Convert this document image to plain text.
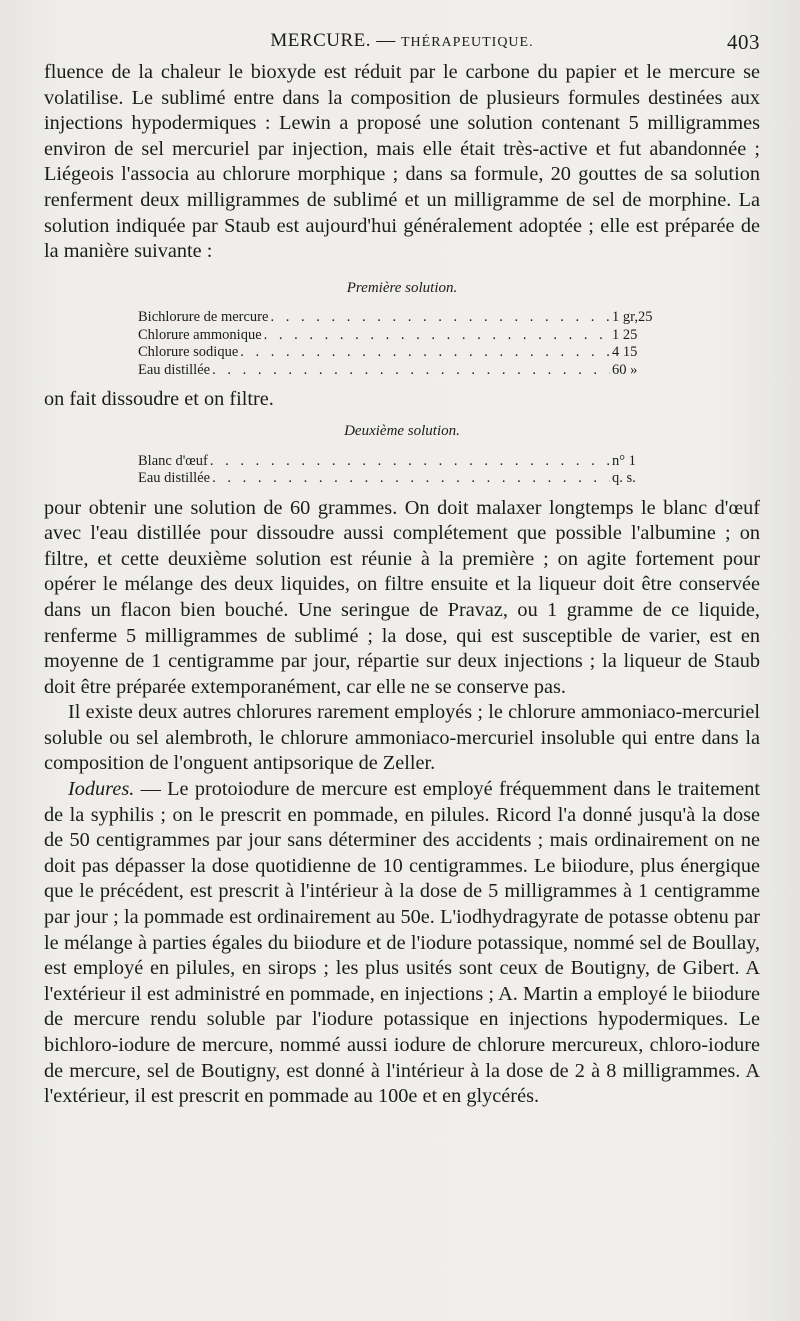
MERCURE. — THÉRAPEUTIQUE.	403

fluence de la chaleur le bioxyde est réduit par le carbone du papier et le mercure se volatilise. Le sublimé entre dans la composition de plusieurs formules destinées aux injections hypodermiques : Lewin a proposé une solution contenant 5 milligrammes environ de sel mercuriel par injection, mais elle était très-active et fut abandonnée ; Liégeois l'associa au chlorure morphique ; dans sa formule, 20 gouttes de sa solution renferment deux milligrammes de sublimé et un milligramme de sel de morphine. La solution indiquée par Staub est aujourd'hui généralement adoptée ; elle est préparée de la manière suivante :

Première solution.
Bichlorure de mercure . . .	1 gr,25
Chlorure ammonique . . .	1 25
Chlorure sodique . . .	4 15
Eau distillée . . .	60 »
on fait dissoudre et on filtre.
Deuxième solution.
Blanc d'œuf . . .	n° 1
Eau distillée . . .	q. s.

pour obtenir une solution de 60 grammes. On doit malaxer longtemps le blanc d'œuf avec l'eau distillée pour dissoudre aussi complétement que possible l'albumine ; on filtre, et cette deuxième solution est réunie à la première ; on agite fortement pour opérer le mélange des deux liquides, on filtre ensuite et la liqueur doit être conservée dans un flacon bien bouché. Une seringue de Pravaz, ou 1 gramme de ce liquide, renferme 5 milligrammes de sublimé ; la dose, qui est susceptible de varier, est en moyenne de 1 centigramme par jour, répartie sur deux injections ; la liqueur de Staub doit être préparée extemporanément, car elle ne se conserve pas.

Il existe deux autres chlorures rarement employés ; le chlorure ammoniaco-mercuriel soluble ou sel alembroth, le chlorure ammoniaco-mercuriel insoluble qui entre dans la composition de l'onguent antipsorique de Zeller.

Iodures. — Le protoiodure de mercure est employé fréquemment dans le traitement de la syphilis ; on le prescrit en pommade, en pilules. Ricord l'a donné jusqu'à la dose de 50 centigrammes par jour sans déterminer des accidents ; mais ordinairement on ne doit pas dépasser la dose quotidienne de 10 centigrammes. Le biiodure, plus énergique que le précédent, est prescrit à l'intérieur à la dose de 5 milligrammes à 1 centigramme par jour ; la pommade est ordinairement au 50e. L'iodhydragyrate de potasse obtenu par le mélange à parties égales du biiodure et de l'iodure potassique, nommé sel de Boullay, est employé en pilules, en sirops ; les plus usités sont ceux de Boutigny, de Gibert. A l'extérieur il est administré en pommade, en injections ; A. Martin a employé le biiodure de mercure rendu soluble par l'iodure potassique en injections hypodermiques. Le bichloro-iodure de mercure, nommé aussi iodure de chlorure mercureux, chloro-iodure de mercure, sel de Boutigny, est donné à l'intérieur à la dose de 2 à 8 milligrammes. A l'extérieur, il est prescrit en pommade au 100e et en glycérés.
